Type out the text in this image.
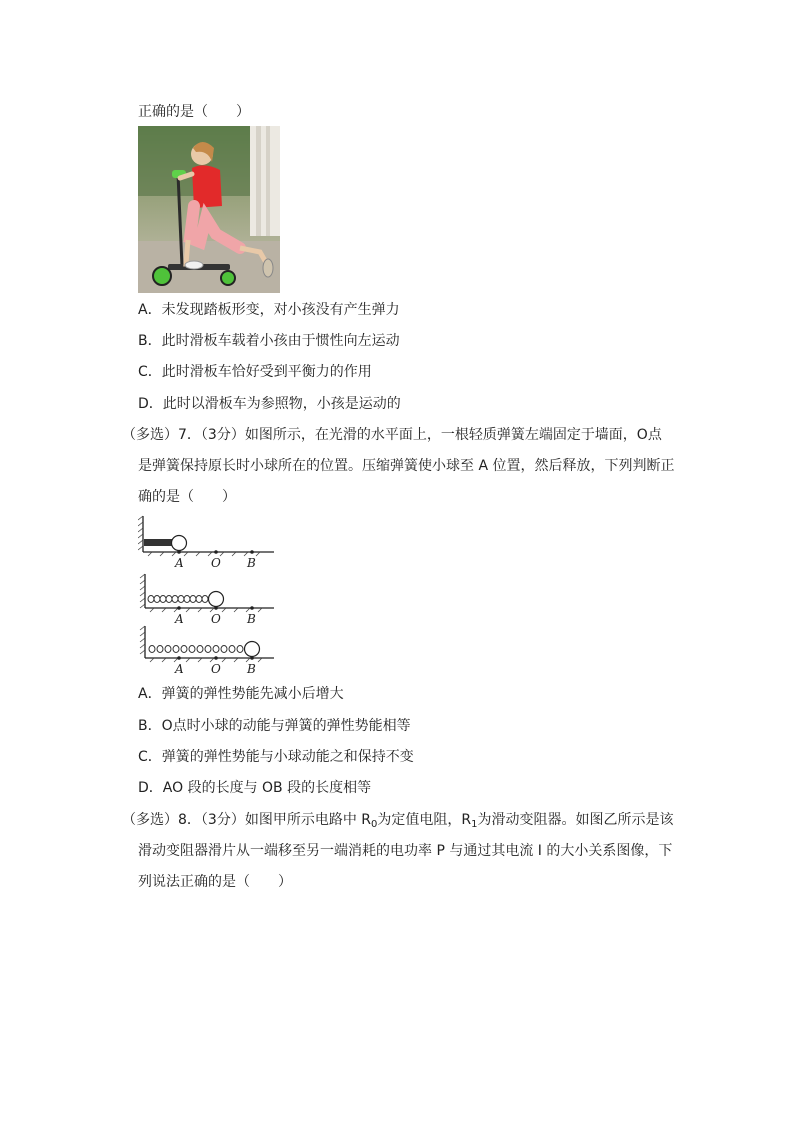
正确的是（　　）
A．未发现踏板形变，对小孩没有产生弹力
B．此时滑板车载着小孩由于惯性向左运动
C．此时滑板车恰好受到平衡力的作用
D．此时以滑板车为参照物，小孩是运动的
（多选）7．（3分）如图所示，在光滑的水平面上，一根轻质弹簧左端固定于墙面，O点
是弹簧保持原长时小球所在的位置。压缩弹簧使小球至 A 位置，然后释放，下列判断正
确的是（　　）
A O B
A O B
A O B
A．弹簧的弹性势能先减小后增大
B．O点时小球的动能与弹簧的弹性势能相等
C．弹簧的弹性势能与小球动能之和保持不变
D．AO 段的长度与 OB 段的长度相等
（多选）8．（3分）如图甲所示电路中 $R_0$为定值电阻，$R_1$为滑动变阻器。如图乙所示是该
滑动变阻器滑片从一端移至另一端消耗的电功率 P 与通过其电流 I 的大小关系图像，下
列说法正确的是（　　）
